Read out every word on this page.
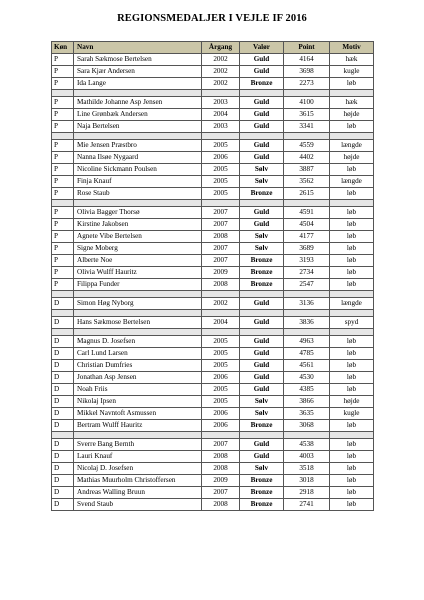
REGIONSMEDALJER I VEJLE IF 2016
Køn	Navn	Årgang	Valør	Point	Motiv
P	Sarah Sækmose Bertelsen	2002	Guld	4164	hæk
P	Sara Kjær Andersen	2002	Guld	3698	kugle
P	Ida Lange	2002	Bronze	2273	løb

P	Mathilde Johanne Asp Jensen	2003	Guld	4100	hæk
P	Line Grønbæk Andersen	2004	Guld	3615	højde
P	Naja Bertelsen	2003	Guld	3341	løb

P	Mie Jensen Præstbro	2005	Guld	4559	længde
P	Nanna Ilsøe Nygaard	2006	Guld	4402	højde
P	Nicoline Sickmann Poulsen	2005	Sølv	3887	løb
P	Finja Knauf	2005	Sølv	3562	længde
P	Rose Staub	2005	Bronze	2615	løb

P	Olivia Bagger Thorsø	2007	Guld	4591	løb
P	Kirstine Jakobsen	2007	Guld	4504	løb
P	Agnete Vibe Bertelsen	2008	Sølv	4177	løb
P	Signe Moberg	2007	Sølv	3689	løb
P	Alberte Noe	2007	Bronze	3193	løb
P	Olivia Wulff Hauritz	2009	Bronze	2734	løb
P	Filippa Funder	2008	Bronze	2547	løb

D	Simon Høg Nyborg	2002	Guld	3136	længde

D	Hans Sækmose Bertelsen	2004	Guld	3836	spyd

D	Magnus D. Josefsen	2005	Guld	4963	løb
D	Carl Lund Larsen	2005	Guld	4785	løb
D	Christian Dumfries	2005	Guld	4561	løb
D	Jonathan Asp Jensen	2006	Guld	4530	løb
D	Noah Friis	2005	Guld	4385	løb
D	Nikolaj Ipsen	2005	Sølv	3866	højde
D	Mikkel Navntoft Asmussen	2006	Sølv	3635	kugle
D	Bertram Wulff Hauritz	2006	Bronze	3068	løb

D	Sverre Bang Bernth	2007	Guld	4538	løb
D	Lauri Knauf	2008	Guld	4003	løb
D	Nicolaj D. Josefsen	2008	Sølv	3518	løb
D	Mathias Muurholm Christoffersen	2009	Bronze	3018	løb
D	Andreas Walling Bruun	2007	Bronze	2918	løb
D	Svend Staub	2008	Bronze	2741	løb
